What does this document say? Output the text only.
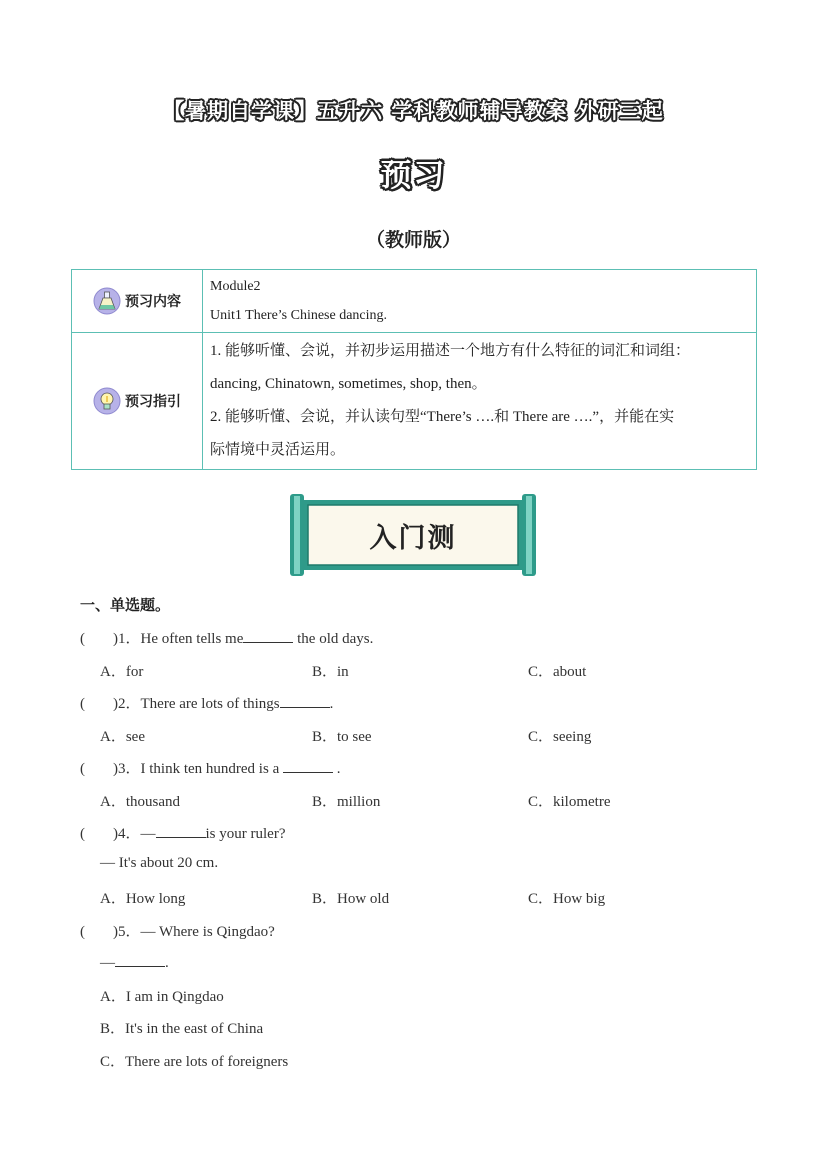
【暑期自学课】五升六 学科教师辅导教案 外研三起
预习
（教师版）
预习内容	Module2
Unit1 There’s Chinese dancing.

预习指引	1. 能够听懂、会说，并初步运用描述一个地方有什么特征的词汇和词组：
dancing, Chinatown, sometimes, shop, then。
2. 能够听懂、会说，并认读句型“There’s ….和 There are ….”，并能在实
际情境中灵活运用。
入门测
一、单选题。
( )1．He often tells me	the old days.
A．for	B．in	C．about
( )2．There are lots of things	.
A．see	B．to see	C．seeing
( )3．I think ten hundred is a	.
A．thousand	B．million	C．kilometre
( )4．—	is your ruler?
— It's about 20 cm.
A．How long	B．How old	C．How big
( )5．— Where is Qingdao?
—	.
A．I am in Qingdao
B．It's in the east of China
C．There are lots of foreigners
